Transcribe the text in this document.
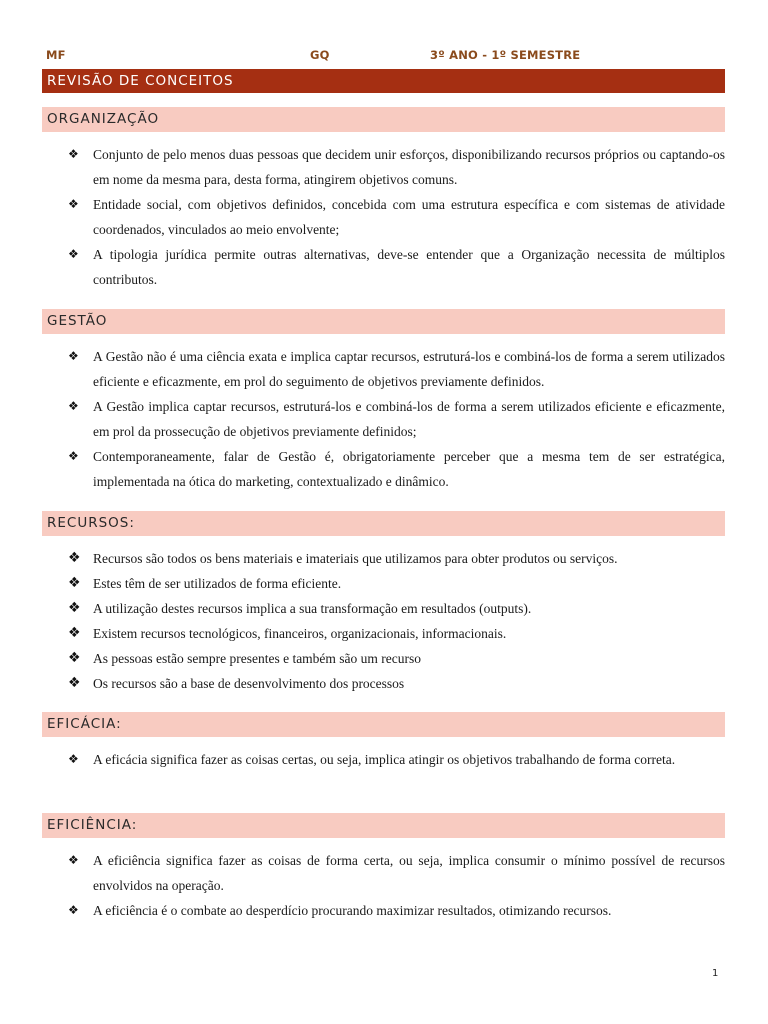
MF	GQ	3º ANO - 1º SEMESTRE
REVISÃO DE CONCEITOS
ORGANIZAÇÃO
❖ Conjunto de pelo menos duas pessoas que decidem unir esforços, disponibilizando recursos próprios ou captando-os em nome da mesma para, desta forma, atingirem objetivos comuns.
❖ Entidade social, com objetivos definidos, concebida com uma estrutura específica e com sistemas de atividade coordenados, vinculados ao meio envolvente;
❖ A tipologia jurídica permite outras alternativas, deve-se entender que a Organização necessita de múltiplos contributos.
GESTÃO
❖ A Gestão não é uma ciência exata e implica captar recursos, estruturá-los e combiná-los de forma a serem utilizados eficiente e eficazmente, em prol do seguimento de objetivos previamente definidos.
❖ A Gestão implica captar recursos, estruturá-los e combiná-los de forma a serem utilizados eficiente e eficazmente, em prol da prossecução de objetivos previamente definidos;
❖ Contemporaneamente, falar de Gestão é, obrigatoriamente perceber que a mesma tem de ser estratégica, implementada na ótica do marketing, contextualizado e dinâmico.
RECURSOS:
❖ Recursos são todos os bens materiais e imateriais que utilizamos para obter produtos ou serviços.
❖ Estes têm de ser utilizados de forma eficiente.
❖ A utilização destes recursos implica a sua transformação em resultados (outputs).
❖ Existem recursos tecnológicos, financeiros, organizacionais, informacionais.
❖ As pessoas estão sempre presentes e também são um recurso
❖ Os recursos são a base de desenvolvimento dos processos
EFICÁCIA:
❖ A eficácia significa fazer as coisas certas, ou seja, implica atingir os objetivos trabalhando de forma correta.
EFICIÊNCIA:
❖ A eficiência significa fazer as coisas de forma certa, ou seja, implica consumir o mínimo possível de recursos envolvidos na operação.
❖ A eficiência é o combate ao desperdício procurando maximizar resultados, otimizando recursos.
1
